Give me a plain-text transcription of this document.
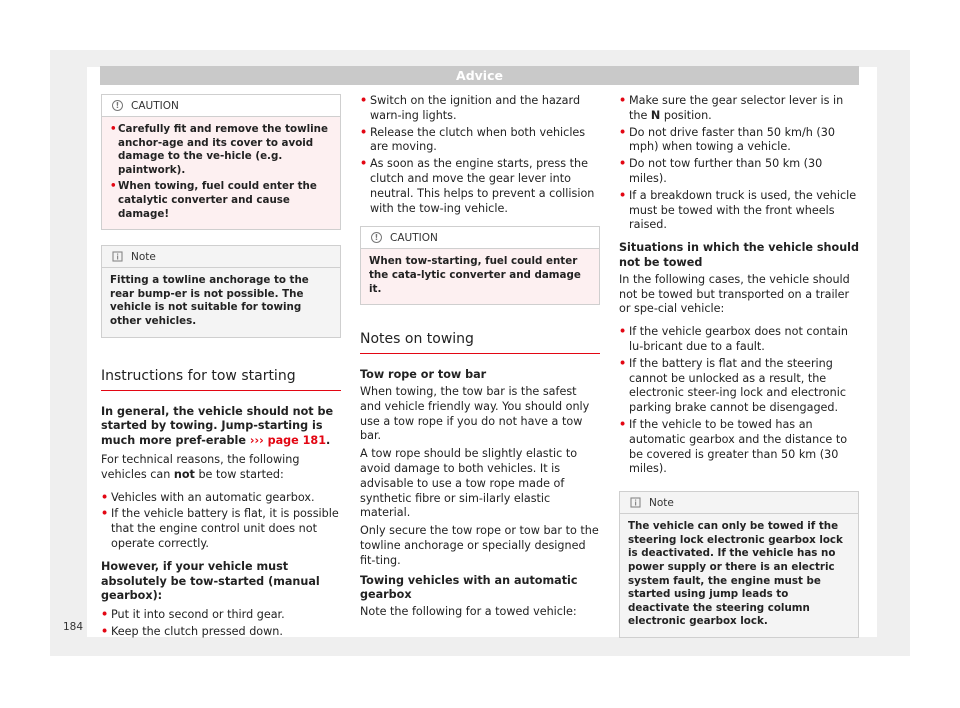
Advice
!	CAUTION

• Carefully fit and remove the towline anchor-age and its cover to avoid damage to the ve-hicle (e.g. paintwork).

• When towing, fuel could enter the catalytic converter and cause damage!

Note

Fitting a towline anchorage to the rear bump-er is not possible. The vehicle is not suitable for towing other vehicles.

Instructions for tow starting

In general, the vehicle should not be started by towing. Jump-starting is much more pref-erable ››› page 181.

For technical reasons, the following vehicles can not be tow started:

• Vehicles with an automatic gearbox.

• If the vehicle battery is flat, it is possible that the engine control unit does not operate correctly.

However, if your vehicle must absolutely be tow-started (manual gearbox):

• Put it into second or third gear.

• Keep the clutch pressed down.

• Switch on the ignition and the hazard warn-ing lights.

• Release the clutch when both vehicles are moving.

• As soon as the engine starts, press the clutch and move the gear lever into neutral. This helps to prevent a collision with the tow-ing vehicle.

!	CAUTION

When tow-starting, fuel could enter the cata-lytic converter and damage it.

Notes on towing

Tow rope or tow bar

When towing, the tow bar is the safest and vehicle friendly way. You should only use a tow rope if you do not have a tow bar.

A tow rope should be slightly elastic to avoid damage to both vehicles. It is advisable to use a tow rope made of synthetic fibre or sim-ilarly elastic material.

Only secure the tow rope or tow bar to the towline anchorage or specially designed fit-ting.

Towing vehicles with an automatic gearbox

Note the following for a towed vehicle:

• Make sure the gear selector lever is in the N position.

• Do not drive faster than 50 km/h (30 mph) when towing a vehicle.

• Do not tow further than 50 km (30 miles).

• If a breakdown truck is used, the vehicle must be towed with the front wheels raised.

Situations in which the vehicle should not be towed

In the following cases, the vehicle should not be towed but transported on a trailer or spe-cial vehicle:

• If the vehicle gearbox does not contain lu-bricant due to a fault.

• If the battery is flat and the steering cannot be unlocked as a result, the electronic steer-ing lock and electronic parking brake cannot be disengaged.

• If the vehicle to be towed has an automatic gearbox and the distance to be covered is greater than 50 km (30 miles).

Note

The vehicle can only be towed if the steering lock electronic gearbox lock is deactivated. If the vehicle has no power supply or there is an electric system fault, the engine must be started using jump leads to deactivate the steering column electronic gearbox lock.

184
